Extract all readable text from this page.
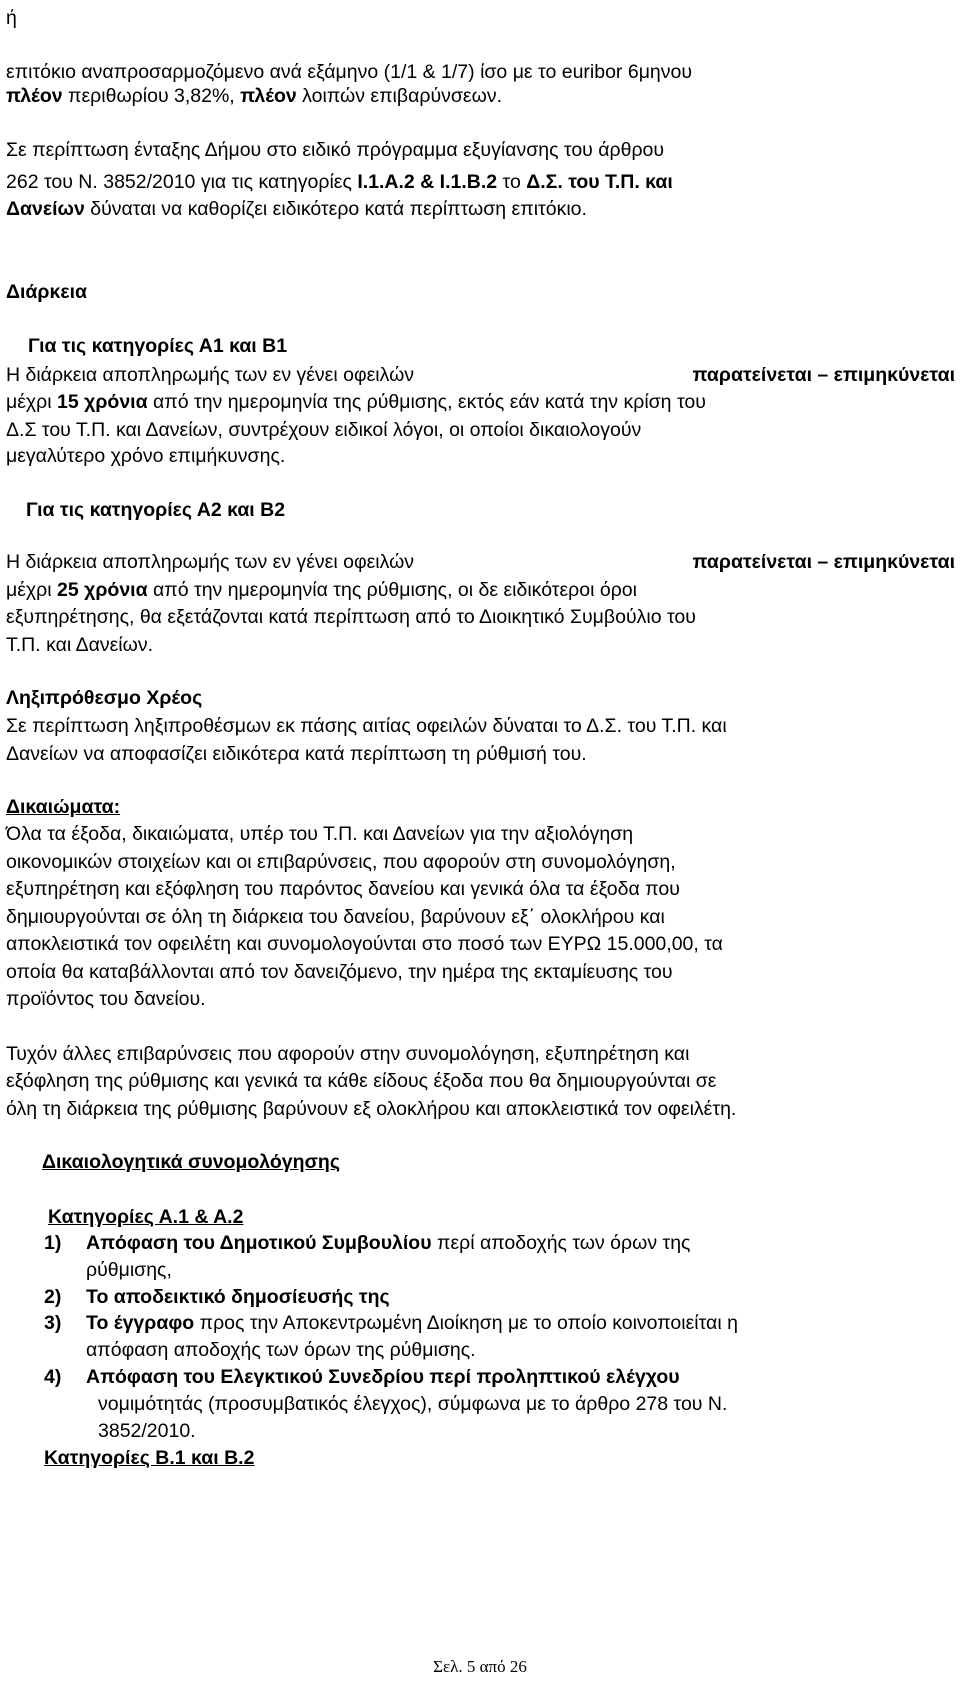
ή
επιτόκιο αναπροσαρμοζόμενο ανά εξάμηνο (1/1 & 1/7) ίσο με το euribor 6μηνου
πλέον περιθωρίου 3,82%, πλέον λοιπών επιβαρύνσεων.
Σε περίπτωση ένταξης Δήμου στο ειδικό πρόγραμμα εξυγίανσης του άρθρου
262 του Ν. 3852/2010 για τις κατηγορίες Ι.1.Α.2 & Ι.1.Β.2 το Δ.Σ. του Τ.Π. και
Δανείων δύναται να καθορίζει ειδικότερο κατά περίπτωση επιτόκιο.
Διάρκεια
Για τις κατηγορίες Α1 και Β1
Η διάρκεια αποπληρωμής των εν γένει οφειλών	παρατείνεται – επιμηκύνεται
μέχρι 15 χρόνια από την ημερομηνία της ρύθμισης, εκτός εάν κατά την κρίση του
Δ.Σ του Τ.Π. και Δανείων, συντρέχουν ειδικοί λόγοι, οι οποίοι δικαιολογούν
μεγαλύτερο χρόνο επιμήκυνσης.
Για τις κατηγορίες Α2 και Β2
Η διάρκεια αποπληρωμής των εν γένει οφειλών	παρατείνεται – επιμηκύνεται
μέχρι 25 χρόνια από την ημερομηνία της ρύθμισης, οι δε ειδικότεροι όροι
εξυπηρέτησης, θα εξετάζονται κατά περίπτωση από το Διοικητικό Συμβούλιο του
Τ.Π. και Δανείων.
Ληξιπρόθεσμο Χρέος
Σε περίπτωση ληξιπροθέσμων εκ πάσης αιτίας οφειλών δύναται το Δ.Σ. του Τ.Π. και
Δανείων να αποφασίζει ειδικότερα κατά περίπτωση τη ρύθμισή του.
Δικαιώματα:
Όλα τα έξοδα, δικαιώματα, υπέρ του Τ.Π. και Δανείων για την αξιολόγηση
οικονομικών στοιχείων και οι επιβαρύνσεις, που αφορούν στη συνομολόγηση,
εξυπηρέτηση και εξόφληση του παρόντος δανείου και γενικά όλα τα έξοδα που
δημιουργούνται σε όλη τη διάρκεια του δανείου, βαρύνουν εξ΄ ολοκλήρου και
αποκλειστικά τον οφειλέτη και συνομολογούνται στο ποσό των ΕΥΡΩ 15.000,00, τα
οποία θα καταβάλλονται από τον δανειζόμενο, την ημέρα της εκταμίευσης του
προϊόντος του δανείου.
Τυχόν άλλες επιβαρύνσεις που αφορούν στην συνομολόγηση, εξυπηρέτηση και
εξόφληση της ρύθμισης και γενικά τα κάθε είδους έξοδα που θα δημιουργούνται σε
όλη τη διάρκεια της ρύθμισης βαρύνουν εξ ολοκλήρου και αποκλειστικά τον οφειλέτη.
Δικαιολογητικά συνομολόγησης
Κατηγορίες Α.1 & Α.2
1) Απόφαση του Δημοτικού Συμβουλίου περί αποδοχής των όρων της
ρύθμισης,
2) Το αποδεικτικό δημοσίευσής της
3) Το έγγραφο προς την Αποκεντρωμένη Διοίκηση με το οποίο κοινοποιείται η
απόφαση αποδοχής των όρων της ρύθμισης.
4) Απόφαση του Ελεγκτικού Συνεδρίου περί προληπτικού ελέγχου
νομιμότητάς (προσυμβατικός έλεγχος), σύμφωνα με το άρθρο 278 του Ν.
3852/2010.
Κατηγορίες Β.1 και Β.2
Σελ. 5 από 26
